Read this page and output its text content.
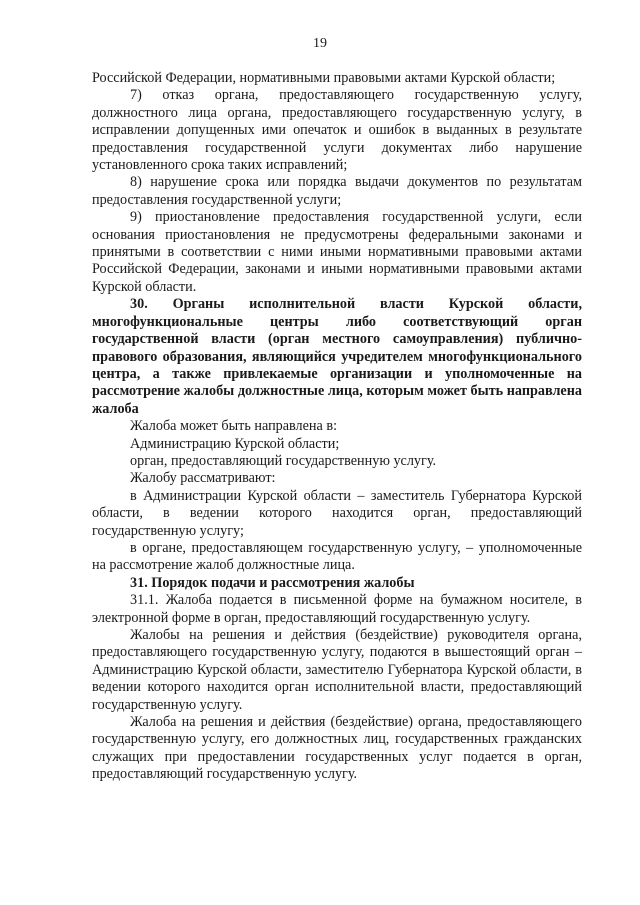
19

Российской Федерации, нормативными правовыми актами Курской области;

7) отказ органа, предоставляющего государственную услугу, должностного лица органа, предоставляющего государственную услугу, в исправлении допущенных ими опечаток и ошибок в выданных в результате предоставления государственной услуги документах либо нарушение установленного срока таких исправлений;

8) нарушение срока или порядка выдачи документов по результатам предоставления государственной услуги;

9) приостановление предоставления государственной услуги, если основания приостановления не предусмотрены федеральными законами и принятыми в соответствии с ними иными нормативными правовыми актами Российской Федерации, законами и иными нормативными правовыми актами Курской области.

30. Органы исполнительной власти Курской области, многофункциональные центры либо соответствующий орган государственной власти (орган местного самоуправления) публично-правового образования, являющийся учредителем многофункционального центра, а также привлекаемые организации и уполномоченные на рассмотрение жалобы должностные лица, которым может быть направлена жалоба

Жалоба может быть направлена в:

Администрацию Курской области;

орган, предоставляющий государственную услугу.

Жалобу рассматривают:

в Администрации Курской области – заместитель Губернатора Курской области, в ведении которого находится орган, предоставляющий государственную услугу;

в органе, предоставляющем государственную услугу, – уполномоченные на рассмотрение жалоб должностные лица.

31. Порядок подачи и рассмотрения жалобы

31.1. Жалоба подается в письменной форме на бумажном носителе, в электронной форме в орган, предоставляющий государственную услугу.

Жалобы на решения и действия (бездействие) руководителя органа, предоставляющего государственную услугу, подаются в вышестоящий орган – Администрацию Курской области, заместителю Губернатора Курской области, в ведении которого находится орган исполнительной власти, предоставляющий государственную услугу.

Жалоба на решения и действия (бездействие) органа, предоставляющего государственную услугу, его должностных лиц, государственных гражданских служащих при предоставлении государственных услуг подается в орган, предоставляющий государственную услугу.
